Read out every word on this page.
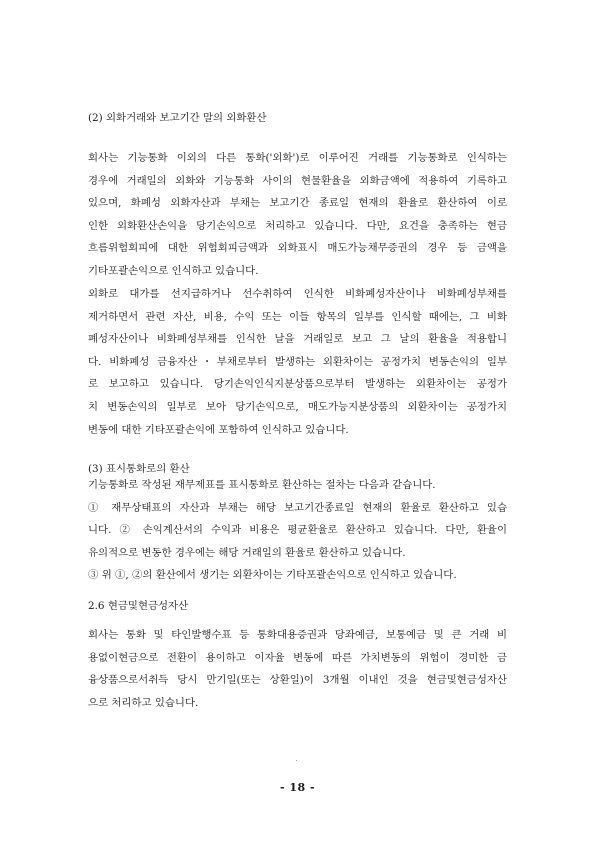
(2) 외화거래와 보고기간 말의 외화환산
회사는 기능통화 이외의 다른 통화('외화')로 이루어진 거래를 기능통화로 인식하는
경우에 거래일의 외화와 기능통화 사이의 현물환율을 외화금액에 적용하여 기록하고
있으며, 화폐성 외화자산과 부채는 보고기간 종료일 현재의 환율로 환산하여 이로
인한 외화환산손익을 당기손익으로 처리하고 있습니다. 다만, 요건을 충족하는 현금
흐름위험회피에 대한 위험회피금액과 외화표시 매도가능채무증권의 경우 등 금액을
기타포괄손익으로 인식하고 있습니다.
외화로 대가를 선지급하거나 선수취하여 인식한 비화폐성자산이나 비화폐성부채를
제거하면서 관련 자산, 비용, 수익 또는 이들 항목의 일부를 인식할 때에는, 그 비화
폐성자산이나 비화폐성부채를 인식한 날을 거래일로 보고 그 날의 환율을 적용합니
다. 비화폐성 금융자산・부채로부터 발생하는 외환차이는 공정가치 변동손익의 일부
로 보고하고 있습니다. 당기손익인식지분상품으로부터 발생하는 외환차이는 공정가
치 변동손익의 일부로 보아 당기손익으로, 매도가능지분상품의 외환차이는 공정가치
변동에 대한 기타포괄손익에 포함하여 인식하고 있습니다.
(3) 표시통화로의 환산
기능통화로 작성된 재무제표를 표시통화로 환산하는 절차는 다음과 같습니다.
① 재무상태표의 자산과 부채는 해당 보고기간종료일 현재의 환율로 환산하고 있습
니다. ② 손익계산서의 수익과 비용은 평균환율로 환산하고 있습니다. 다만, 환율이
유의적으로 변동한 경우에는 해당 거래일의 환율로 환산하고 있습니다.
③ 위 ①, ②의 환산에서 생기는 외환차이는 기타포괄손익으로 인식하고 있습니다.
2.6 현금및현금성자산
회사는 통화 및 타인발행수표 등 통화대용증권과 당좌예금, 보통예금 및 큰 거래 비
용없이현금으로 전환이 용이하고 이자율 변동에 따른 가치변동의 위험이 경미한 금
융상품으로서취득 당시 만기일(또는 상환일)이 3개월 이내인 것을 현금및현금성자산
으로 처리하고 있습니다.
- 18 -
